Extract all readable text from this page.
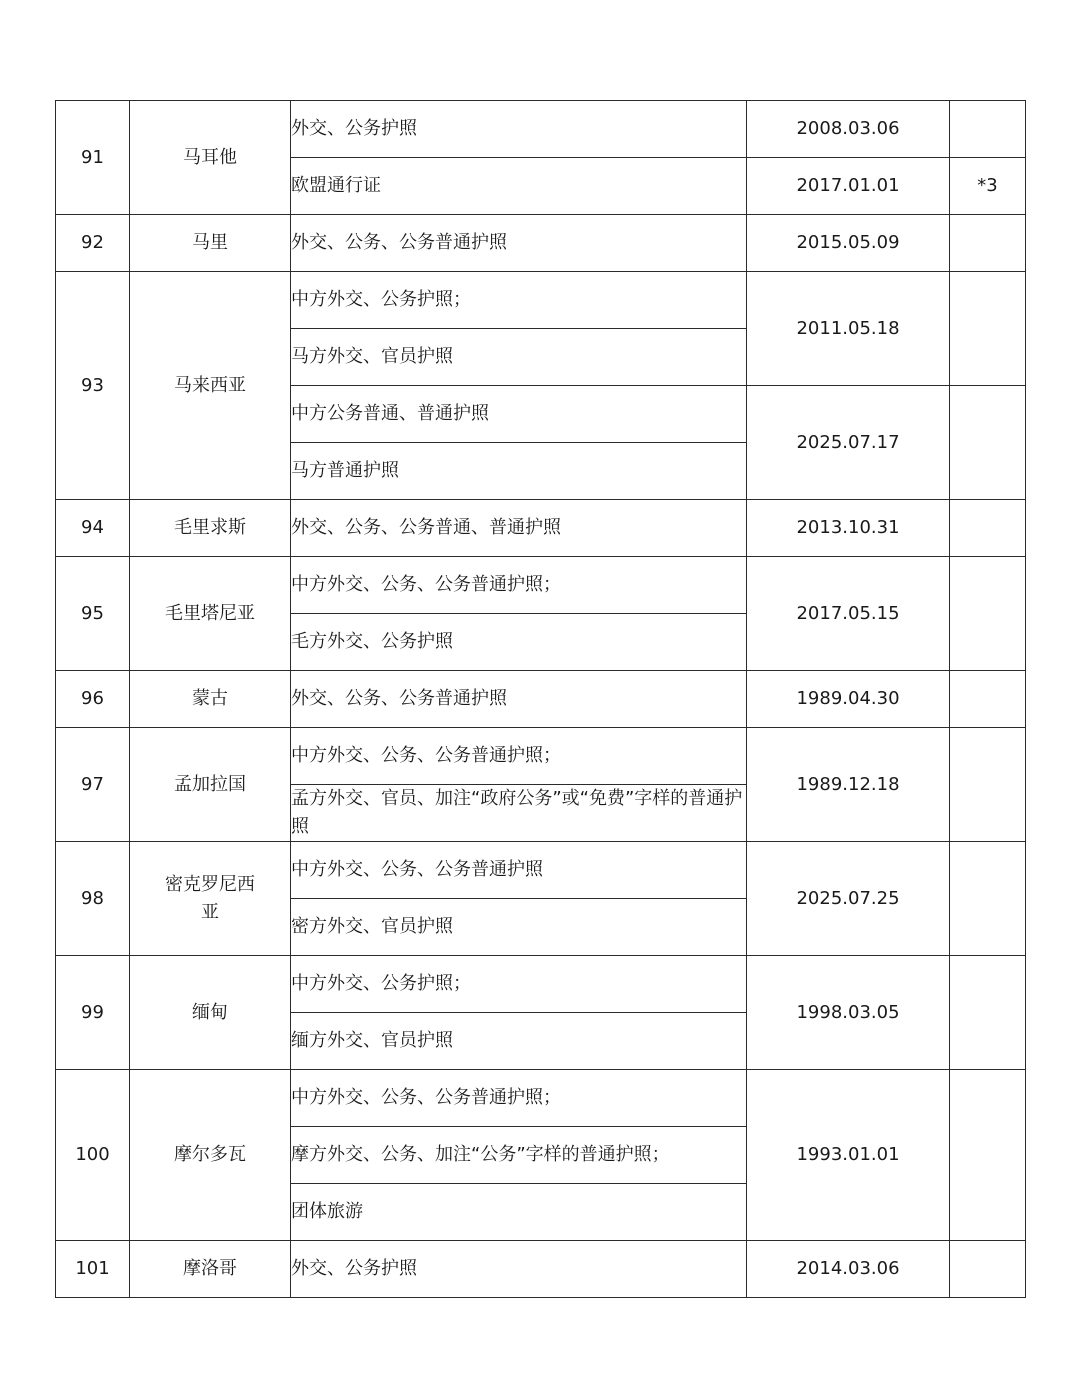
91	马耳他	外交、公务护照	2008.03.06	
		欧盟通行证	2017.01.01	*3
92	马里	外交、公务、公务普通护照	2015.05.09	
93	马来西亚	中方外交、公务护照；	2011.05.18	
		马方外交、官员护照		
		中方公务普通、普通护照	2025.07.17	
		马方普通护照		
94	毛里求斯	外交、公务、公务普通、普通护照	2013.10.31	
95	毛里塔尼亚	中方外交、公务、公务普通护照；	2017.05.15	
		毛方外交、公务护照		
96	蒙古	外交、公务、公务普通护照	1989.04.30	
97	孟加拉国	中方外交、公务、公务普通护照；	1989.12.18	
		孟方外交、官员、加注“政府公务”或“免费”字样的普通护照		
98	密克罗尼西亚	中方外交、公务、公务普通护照	2025.07.25	
		密方外交、官员护照		
99	缅甸	中方外交、公务护照；	1998.03.05	
		缅方外交、官员护照		
100	摩尔多瓦	中方外交、公务、公务普通护照；	1993.01.01	
		摩方外交、公务、加注“公务”字样的普通护照；		
		团体旅游		
101	摩洛哥	外交、公务护照	2014.03.06	
